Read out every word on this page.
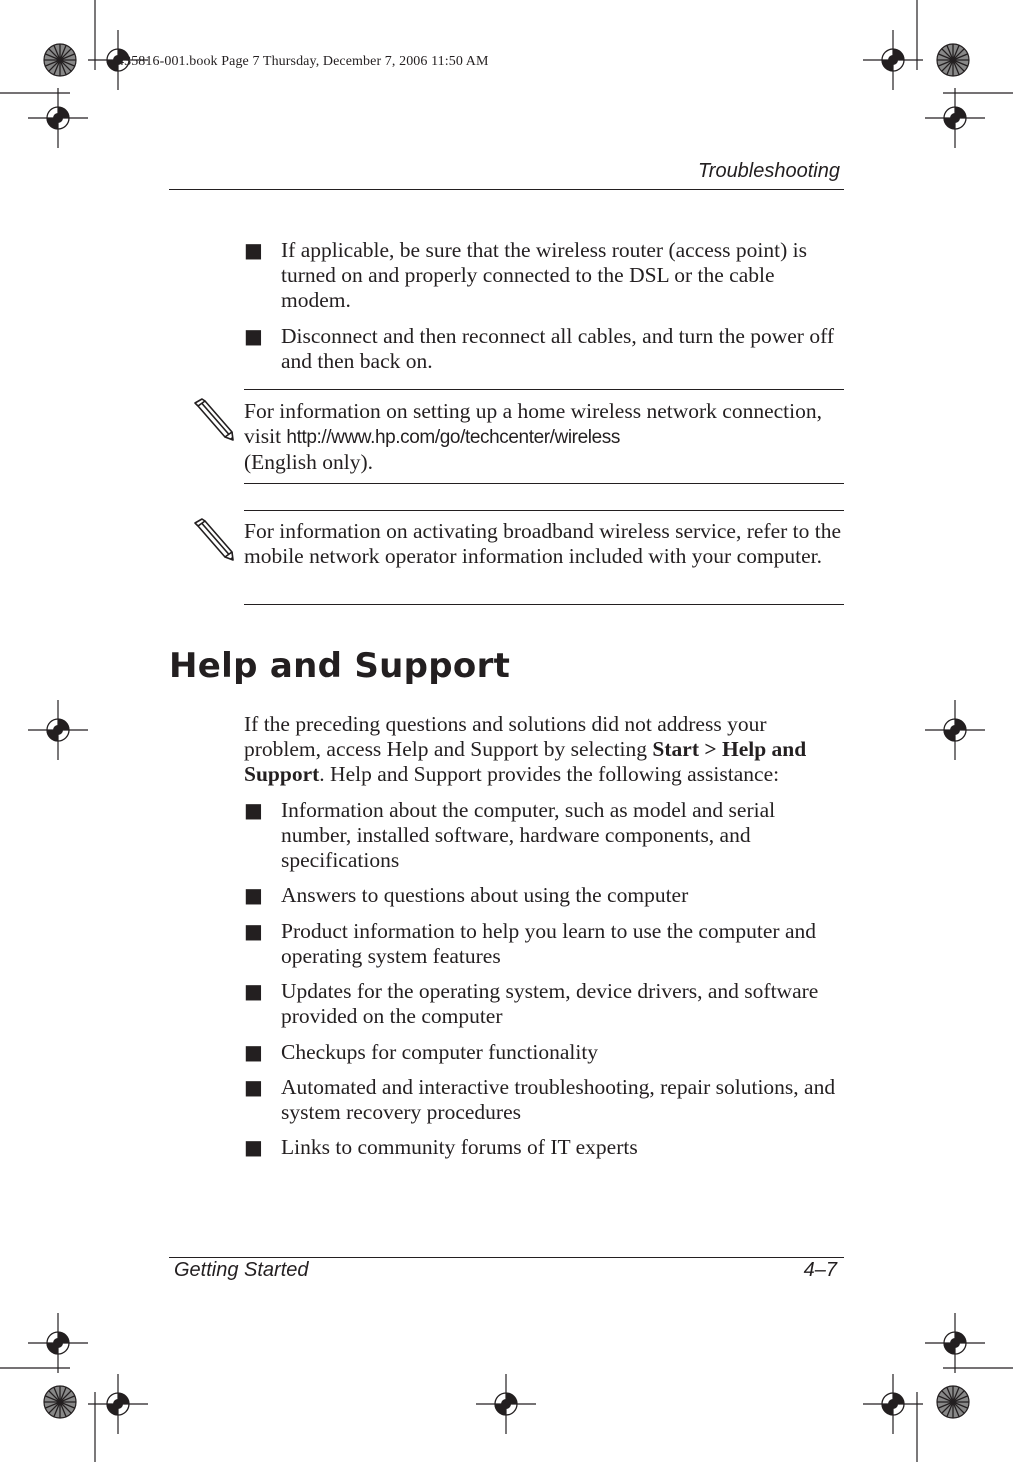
435816-001.book Page 7 Thursday, December 7, 2006 11:50 AM
Troubleshooting
■ If applicable, be sure that the wireless router (access point) is turned on and properly connected to the DSL or the cable modem.
■ Disconnect and then reconnect all cables, and turn the power off and then back on.
For information on setting up a home wireless network connection, visit http://www.hp.com/go/techcenter/wireless
(English only).
For information on activating broadband wireless service, refer to the mobile network operator information included with your computer.
Help and Support
If the preceding questions and solutions did not address your problem, access Help and Support by selecting Start > Help and Support. Help and Support provides the following assistance:
■ Information about the computer, such as model and serial number, installed software, hardware components, and specifications
■ Answers to questions about using the computer
■ Product information to help you learn to use the computer and operating system features
■ Updates for the operating system, device drivers, and software provided on the computer
■ Checkups for computer functionality
■ Automated and interactive troubleshooting, repair solutions, and system recovery procedures
■ Links to community forums of IT experts
Getting Started	4–7
